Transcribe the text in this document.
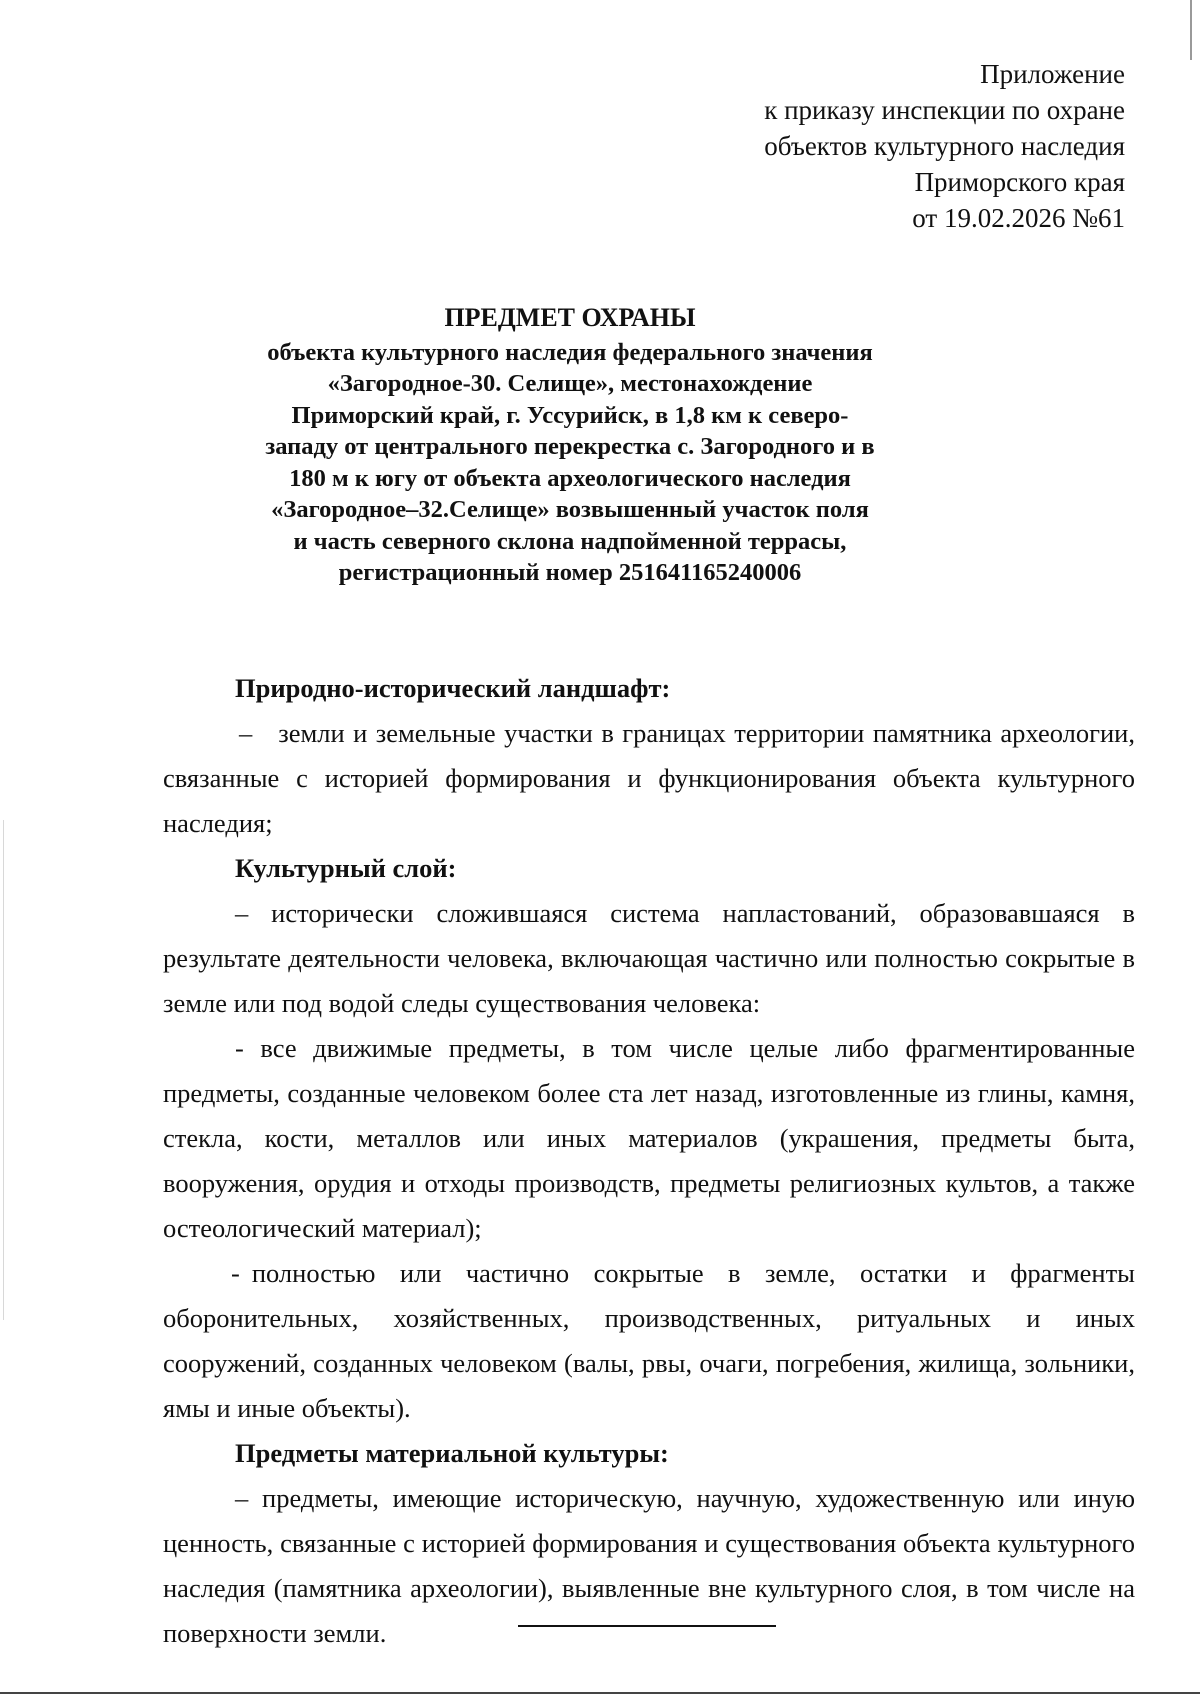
Приложение
к приказу инспекции по охране
объектов культурного наследия
Приморского края
от 19.02.2026 №61
ПРЕДМЕТ ОХРАНЫ
объекта культурного наследия федерального значения
«Загородное-30. Селище», местонахождение
Приморский край, г. Уссурийск, в 1,8 км к северо-
западу от центрального перекрестка с. Загородного и в
180 м к югу от объекта археологического наследия
«Загородное–32.Селище» возвышенный участок поля
и часть северного склона надпойменной террасы,
регистрационный номер 251641165240006
Природно-исторический ландшафт:

– земли и земельные участки в границах территории памятника археологии, связанные с историей формирования и функционирования объекта культурного наследия;

Культурный слой:

– исторически сложившаяся система напластований, образовавшаяся в результате деятельности человека, включающая частично или полностью сокрытые в земле или под водой следы существования человека:

- все движимые предметы, в том числе целые либо фрагментированные предметы, созданные человеком более ста лет назад, изготовленные из глины, камня, стекла, кости, металлов или иных материалов (украшения, предметы быта, вооружения, орудия и отходы производств, предметы религиозных культов, а также остеологический материал);

- полностью или частично сокрытые в земле, остатки и фрагменты оборонительных, хозяйственных, производственных, ритуальных и иных сооружений, созданных человеком (валы, рвы, очаги, погребения, жилища, зольники, ямы и иные объекты).

Предметы материальной культуры:

– предметы, имеющие историческую, научную, художественную или иную ценность, связанные с историей формирования и существования объекта культурного наследия (памятника археологии), выявленные вне культурного слоя, в том числе на поверхности земли.
